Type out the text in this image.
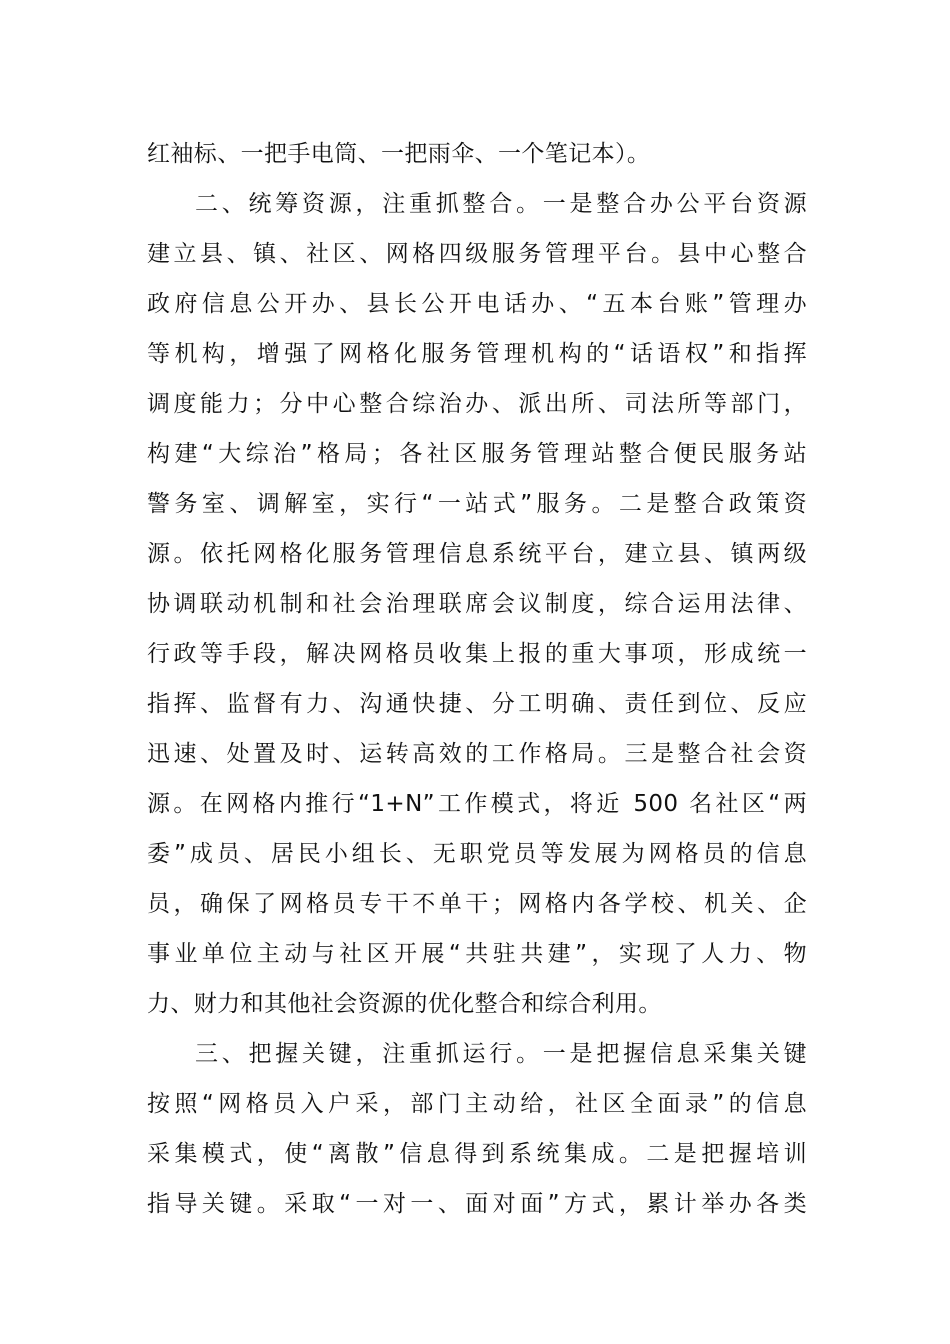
红袖标、一把手电筒、一把雨伞、一个笔记本）。
二、统筹资源，注重抓整合。一是整合办公平台资源
建立县、镇、社区、网格四级服务管理平台。县中心整合
政府信息公开办、县长公开电话办、“五本台账”管理办
等机构，增强了网格化服务管理机构的“话语权”和指挥
调度能力；分中心整合综治办、派出所、司法所等部门，
构建“大综治”格局；各社区服务管理站整合便民服务站
警务室、调解室，实行“一站式”服务。二是整合政策资
源。依托网格化服务管理信息系统平台，建立县、镇两级
协调联动机制和社会治理联席会议制度，综合运用法律、
行政等手段，解决网格员收集上报的重大事项，形成统一
指挥、监督有力、沟通快捷、分工明确、责任到位、反应
迅速、处置及时、运转高效的工作格局。三是整合社会资
源。在网格内推行“1+N”工作模式，将近 500 名社区“两
委”成员、居民小组长、无职党员等发展为网格员的信息
员，确保了网格员专干不单干；网格内各学校、机关、企
事业单位主动与社区开展“共驻共建”，实现了人力、物
力、财力和其他社会资源的优化整合和综合利用。
三、把握关键，注重抓运行。一是把握信息采集关键
按照“网格员入户采，部门主动给，社区全面录”的信息
采集模式，使“离散”信息得到系统集成。二是把握培训
指导关键。采取“一对一、面对面”方式，累计举办各类
